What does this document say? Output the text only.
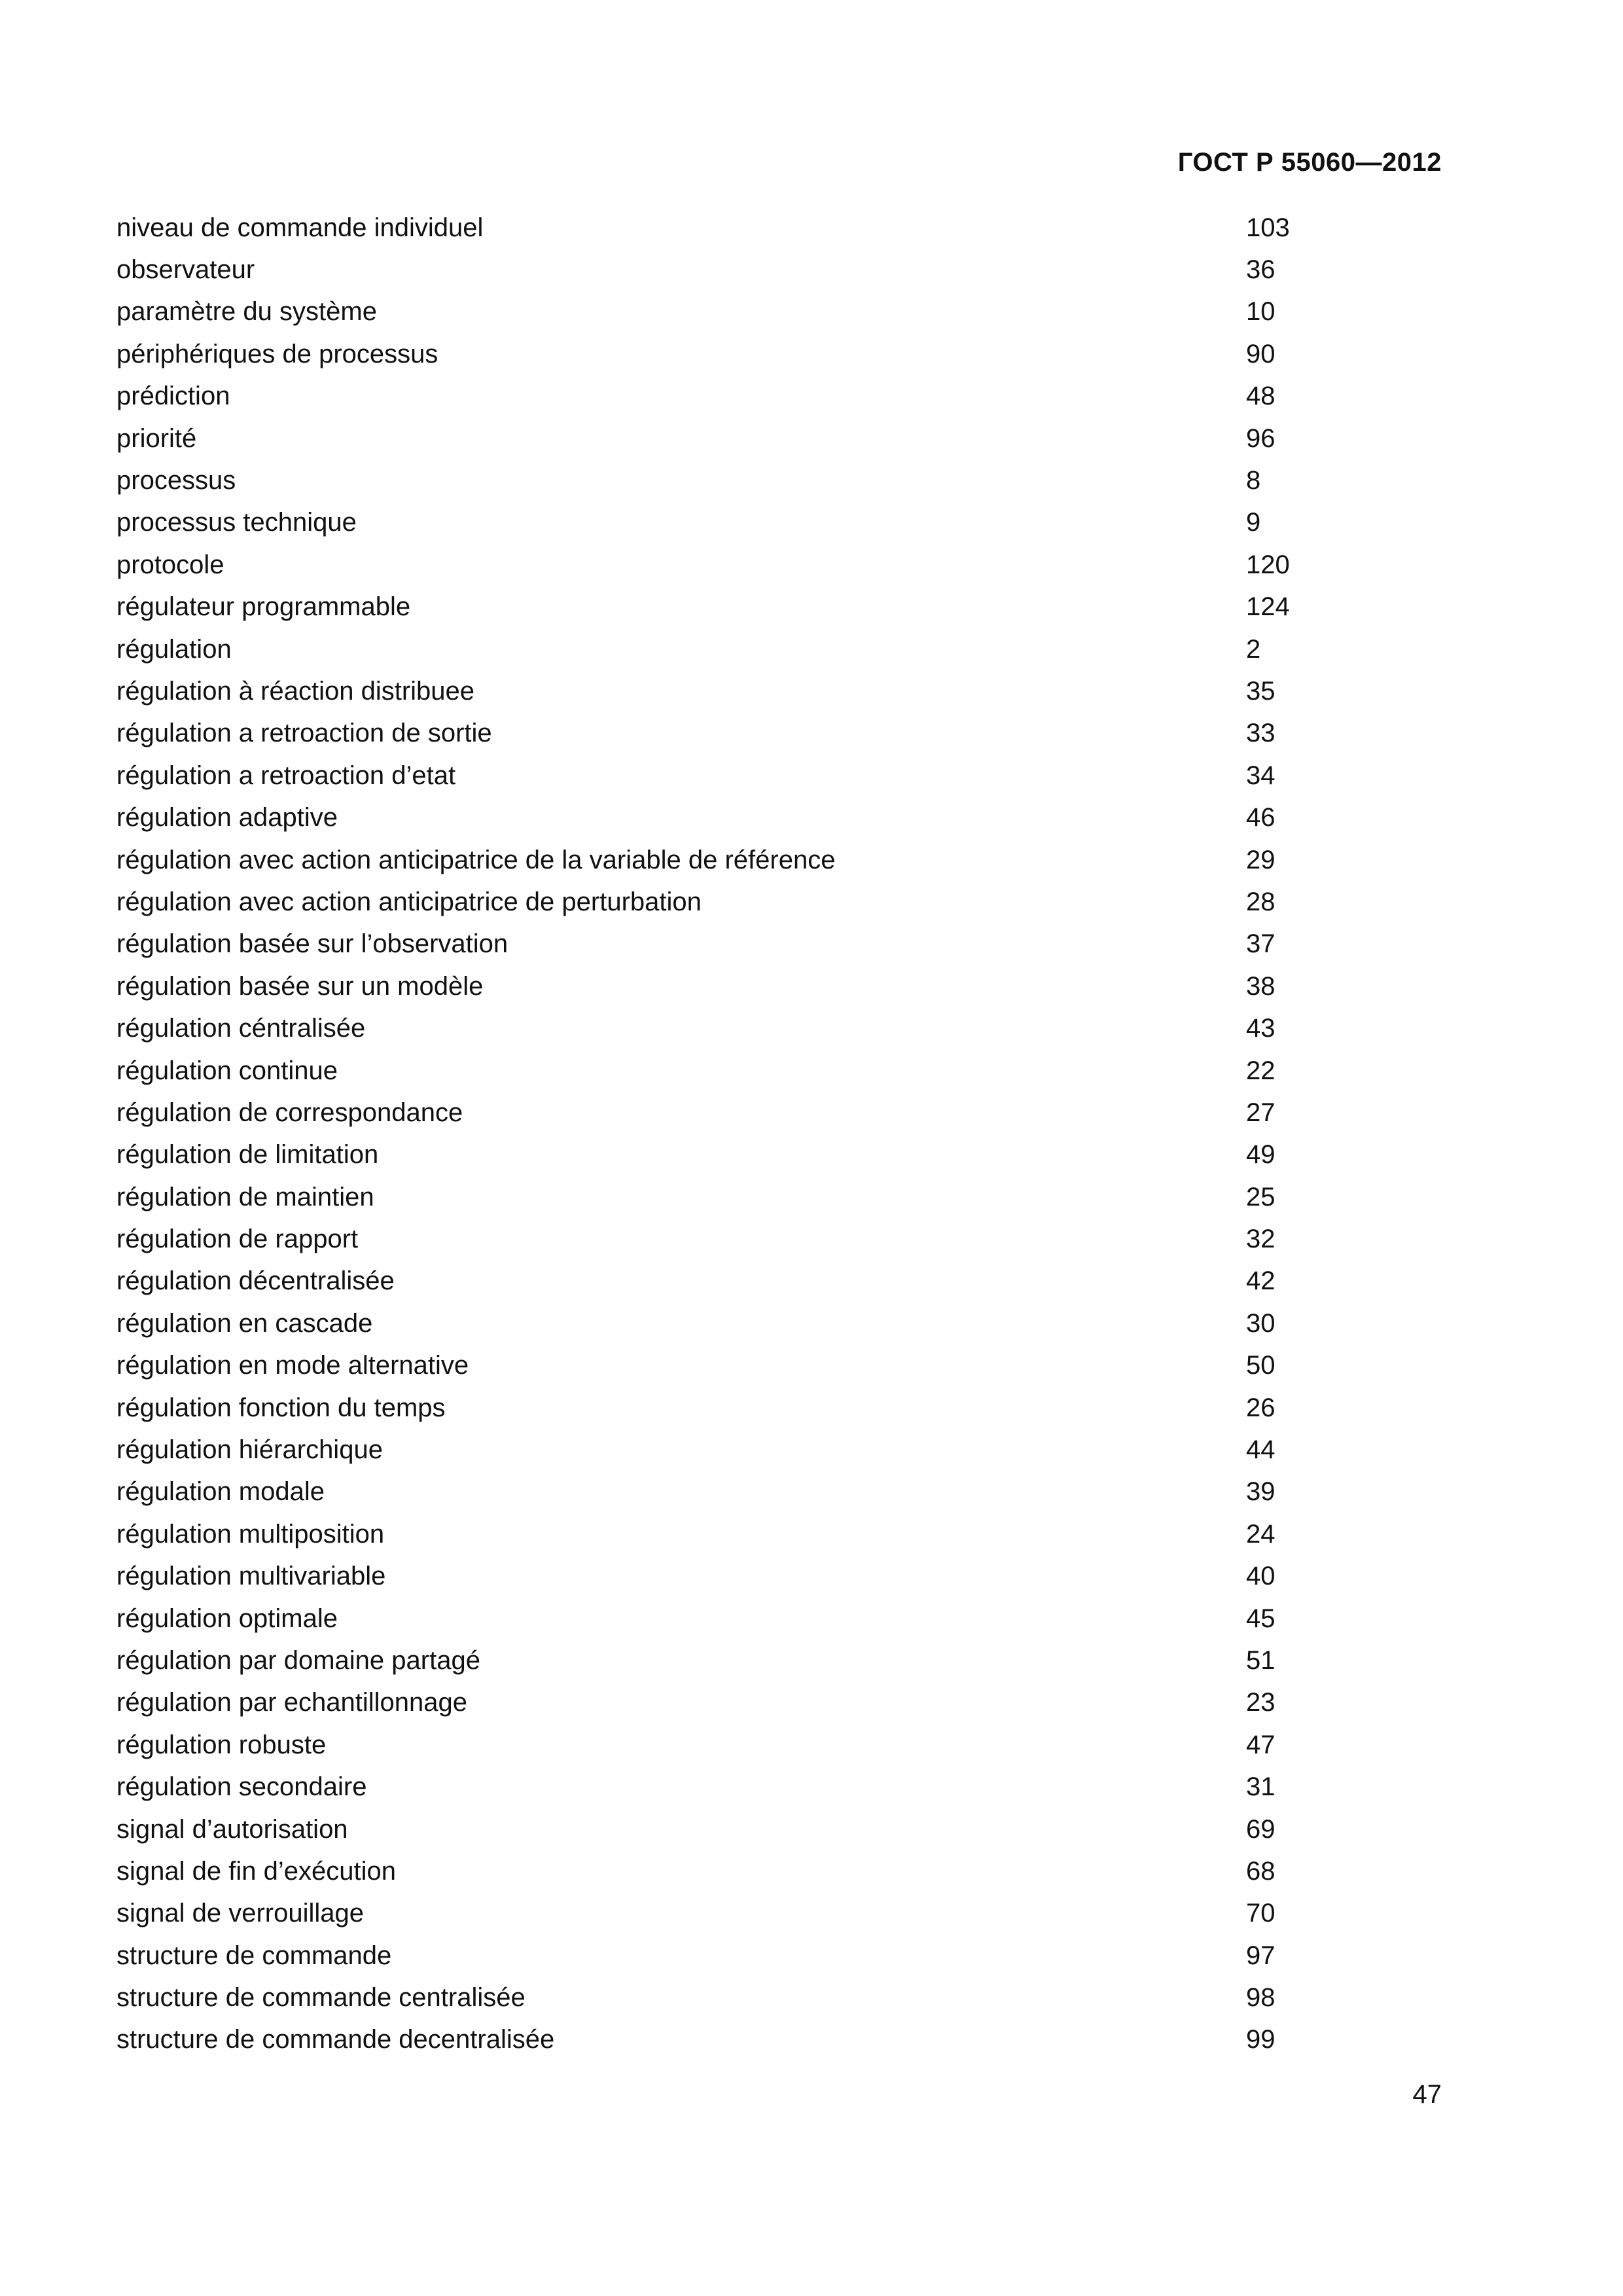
ГОСТ Р 55060—2012
niveau de commande individuel	103
observateur	36
paramètre du système	10
périphériques de processus	90
prédiction	48
priorité	96
processus	8
processus technique	9
protocole	120
régulateur programmable	124
régulation	2
régulation à réaction distribuee	35
régulation a retroaction de sortie	33
régulation a retroaction d’etat	34
régulation adaptive	46
régulation avec action anticipatrice de la variable de référence	29
régulation avec action anticipatrice de perturbation	28
régulation basée sur l’observation	37
régulation basée sur un modèle	38
régulation céntralisée	43
régulation continue	22
régulation de correspondance	27
régulation de limitation	49
régulation de maintien	25
régulation de rapport	32
régulation décentralisée	42
régulation en cascade	30
régulation en mode alternative	50
régulation fonction du temps	26
régulation hiérarchique	44
régulation modale	39
régulation multiposition	24
régulation multivariable	40
régulation optimale	45
régulation par domaine partagé	51
régulation par echantillonnage	23
régulation robuste	47
régulation secondaire	31
signal d’autorisation	69
signal de fin d’exécution	68
signal de verrouillage	70
structure de commande	97
structure de commande centralisée	98
structure de commande decentralisée	99
47
